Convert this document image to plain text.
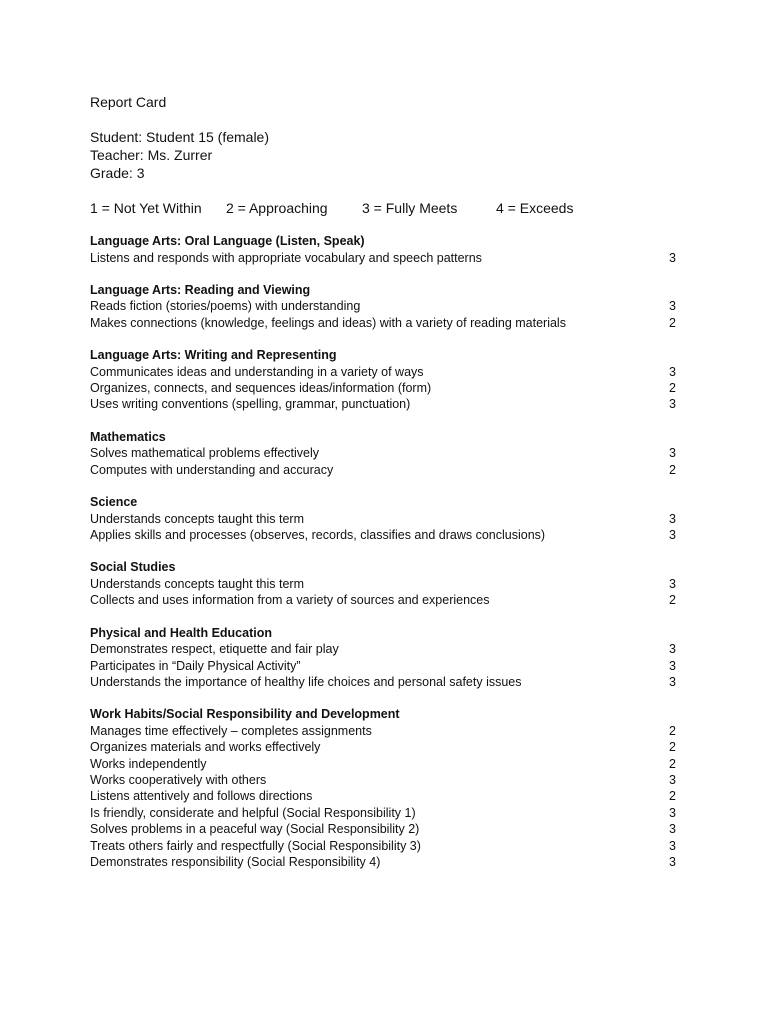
Report Card
Student: Student 15 (female)
Teacher: Ms. Zurrer
Grade: 3
1 = Not Yet Within 2 = Approaching 3 = Fully Meets	4 = Exceeds
Language Arts: Oral Language (Listen, Speak)
Listens and responds with appropriate vocabulary and speech patterns	3
Language Arts: Reading and Viewing
Reads fiction (stories/poems) with understanding	3
Makes connections (knowledge, feelings and ideas) with a variety of reading materials	2
Language Arts: Writing and Representing
Communicates ideas and understanding in a variety of ways	3
Organizes, connects, and sequences ideas/information (form)	2
Uses writing conventions (spelling, grammar, punctuation)	3
Mathematics
Solves mathematical problems effectively	3
Computes with understanding and accuracy	2
Science
Understands concepts taught this term	3
Applies skills and processes (observes, records, classifies and draws conclusions)	3
Social Studies
Understands concepts taught this term	3
Collects and uses information from a variety of sources and experiences	2
Physical and Health Education
Demonstrates respect, etiquette and fair play	3
Participates in “Daily Physical Activity”	3
Understands the importance of healthy life choices and personal safety issues	3
Work Habits/Social Responsibility and Development
Manages time effectively – completes assignments	2
Organizes materials and works effectively	2
Works independently	2
Works cooperatively with others	3
Listens attentively and follows directions	2
Is friendly, considerate and helpful (Social Responsibility 1)	3
Solves problems in a peaceful way (Social Responsibility 2)	3
Treats others fairly and respectfully (Social Responsibility 3)	3
Demonstrates responsibility (Social Responsibility 4)	3
